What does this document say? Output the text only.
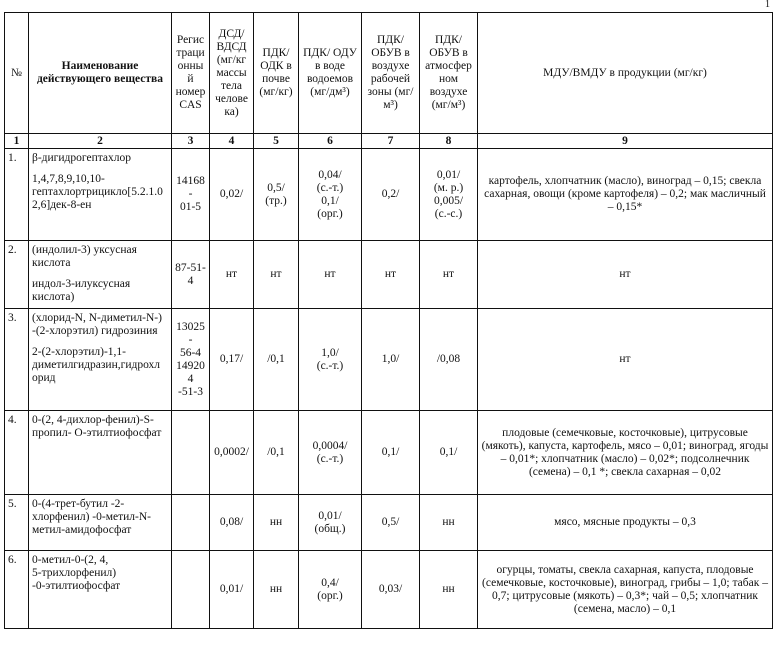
1
№	Наименование действующего вещества	Регистрационный номер CAS	ДСД/ ВДСД (мг/кг массы тела человека)	ПДК/ ОДК в почве (мг/кг)	ПДК/ ОДУ в воде водоемов (мг/дм³)	ПДК/ ОБУВ в воздухе рабочей зоны (мг/м³)	ПДК/ ОБУВ в атмосферном воздухе (мг/м³)	МДУ/ВМДУ в продукции (мг/кг)
1	2	3	4	5	6	7	8	9
1.	β-дигидрогептахлор
1,4,7,8,9,10,10-
гептахлортрицикло[5.2.1.0
2,6]дек-8-ен	14168-
01-5	0,02/	0,5/
(тр.)	0,04/
(с.-т.)
0,1/
(орг.)	0,2/	0,01/
(м. р.)
0,005/
(с.-с.)	картофель, хлопчатник (масло), виноград – 0,15; свекла сахарная, овощи (кроме картофеля) – 0,2; мак масличный – 0,15*
2.	(индолил-3) уксусная
кислота
индол-3-илуксусная
кислота)	87-51-4	нт	нт	нт	нт	нт	нт
3.	(хлорид-N, N-диметил-N-)
-(2-хлорэтил) гидрозиния
2-(2-хлорэтил)-1,1-
диметилгидразин,гидрохл
орид	13025-
56-4
149204
-51-3	0,17/	/0,1	1,0/
(с.-т.)	1,0/	/0,08	нт
4.	0-(2, 4-дихлор-фенил)-S-
пропил- О-этилтиофосфат		0,0002/	/0,1	0,0004/
(с.-т.)	0,1/	0,1/	плодовые (семечковые, косточковые), цитрусовые (мякоть), капуста, картофель, мясо – 0,01; виноград, ягоды – 0,01*; хлопчатник (масло) – 0,02*; подсолнечник (семена) – 0,1 *; свекла сахарная – 0,02
5.	0-(4-трет-бутил -2-
хлорфенил) -0-метил-N-
метил-амидофосфат		0,08/	нн	0,01/
(общ.)	0,5/	нн	мясо, мясные продукты – 0,3
6.	0-метил-0-(2, 4,
5-трихлорфенил)
-0-этилтиофосфат		0,01/	нн	0,4/
(орг.)	0,03/	нн	огурцы, томаты, свекла сахарная, капуста, плодовые (семечковые, косточковые), виноград, грибы – 1,0; табак – 0,7; цитрусовые (мякоть) – 0,3*; чай – 0,5; хлопчатник (семена, масло) – 0,1
